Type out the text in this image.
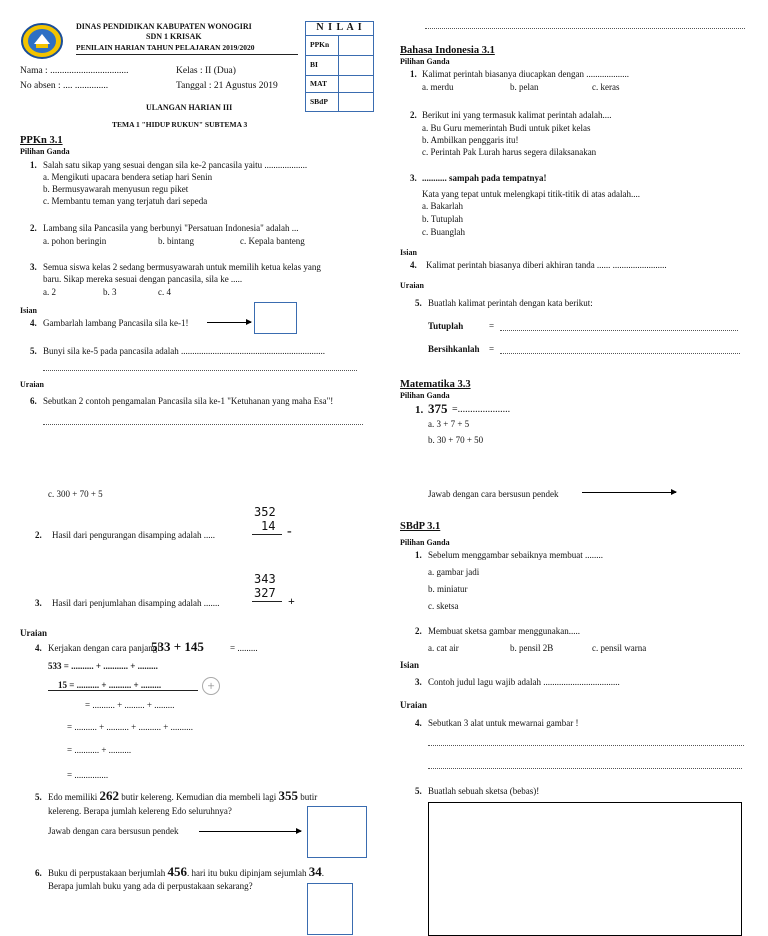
DINAS PENDIDIKAN KABUPATEN WONOGIRI
SDN 1 KRISAK
PENILAIN HARIAN TAHUN PELAJARAN 2019/2020
N I L A I	
PPKn	
BI	
MAT	
SBdP	
Nama : .................................	Kelas : II (Dua)
No absen : .... ..............	Tanggal : 21 Agustus 2019
ULANGAN HARIAN III
TEMA 1 "HIDUP RUKUN" SUBTEMA 3
PPKn 3.1
Pilihan Ganda
1. Salah satu sikap yang sesuai dengan sila ke-2 pancasila yaitu ...................
a. Mengikuti upacara bendera setiap hari Senin
b. Bermusyawarah menyusun regu piket
c. Membantu teman yang terjatuh dari sepeda
2. Lambang sila Pancasila yang berbunyi "Persatuan Indonesia" adalah ...
a. pohon beringin	b. bintang	c. Kepala banteng
3. Semua siswa kelas 2 sedang bermusyawarah untuk memilih ketua kelas yang
baru. Sikap mereka sesuai dengan pancasila, sila ke .....
a. 2	b. 3	c. 4
Isian
4. Gambarlah lambang Pancasila sila ke-1!
5. Bunyi sila ke-5 pada pancasila adalah ................................................................
Uraian
6. Sebutkan 2 contoh pengamalan Pancasila sila ke-1 "Ketuhanan yang maha Esa"!
Bahasa Indonesia 3.1
Pilihan Ganda
1. Kalimat perintah biasanya diucapkan dengan ...................
a. merdu	b. pelan	c. keras
2. Berikut ini yang termasuk kalimat perintah adalah....
a. Bu Guru memerintah Budi untuk piket kelas
b. Ambilkan penggaris itu!
c. Perintah Pak Lurah harus segera dilaksanakan
3. ........... sampah pada tempatnya!
Kata yang tepat untuk melengkapi titik-titik di atas adalah....
a. Bakarlah
b. Tutuplah
c. Buanglah
Isian
4. Kalimat perintah biasanya diberi akhiran tanda ...... ........................
Uraian
5. Buatlah kalimat perintah dengan kata berikut:
Tutuplah	=
Bersihkanlah =
Matematika 3.3
Pilihan Ganda
1. 375 =.....................
a. 3 + 7 + 5
b. 30 + 70 + 50
c. 300 + 70 + 5	Jawab dengan cara bersusun pendek
352
14 -
2. Hasil dari pengurangan disamping adalah .....
343
327
+
3. Hasil dari penjumlahan disamping adalah .......
Uraian
4. Kerjakan dengan cara panjang!
533 + 145	= .........
533 = .......... + ........... + .........
15 = .......... + .......... + .........	+
= .......... + ......... + .........
= .......... + .......... + .......... + ..........
= ........... + ..........
= ...............
5. Edo memiliki 262 butir kelereng. Kemudian dia membeli lagi 355 butir
kelereng. Berapa jumlah kelereng Edo seluruhnya?
Jawab dengan cara bersusun pendek
6. Buku di perpustakaan berjumlah 456. hari itu buku dipinjam sejumlah 34.
Berapa jumlah buku yang ada di perpustakaan sekarang?
SBdP 3.1
Pilihan Ganda
1. Sebelum menggambar sebaiknya membuat ........
a. gambar jadi
b. miniatur
c. sketsa
2. Membuat sketsa gambar menggunakan.....
a. cat air	b. pensil 2B	c. pensil warna
Isian
3. Contoh judul lagu wajib adalah ..................................
Uraian
4. Sebutkan 3 alat untuk mewarnai gambar !
5. Buatlah sebuah sketsa (bebas)!
